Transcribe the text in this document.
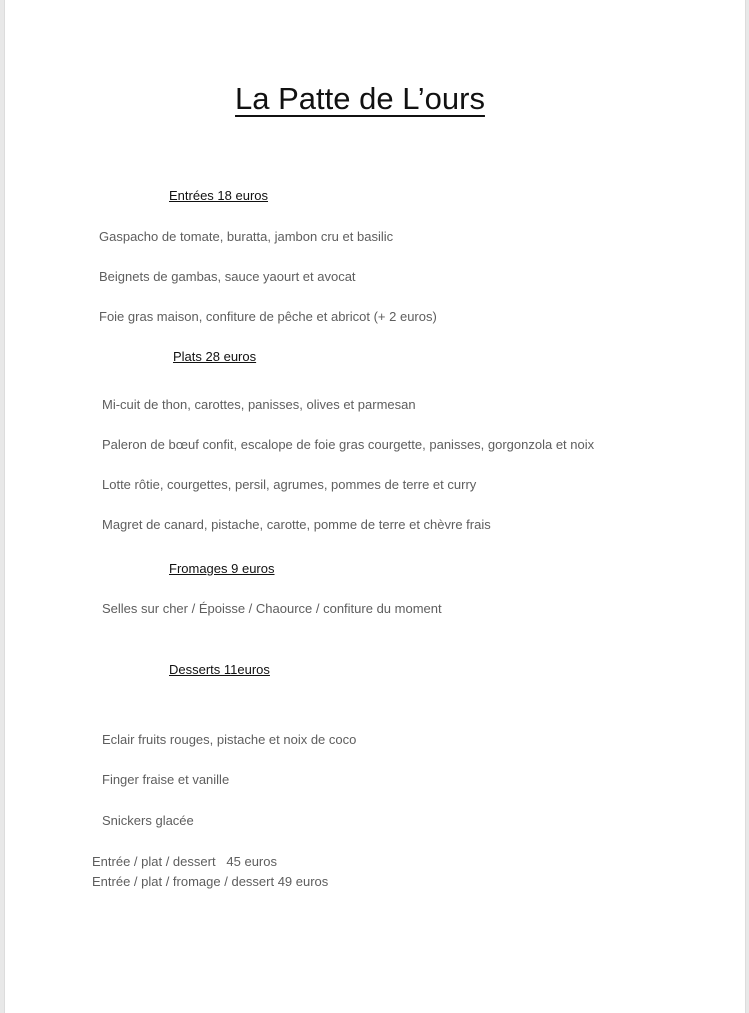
La Patte de L’ours
Entrées 18 euros
Gaspacho de tomate, buratta, jambon cru et basilic
Beignets de gambas, sauce yaourt et avocat
Foie gras maison, confiture de pêche et abricot (+ 2 euros)
Plats 28 euros
Mi-cuit de thon, carottes, panisses, olives et parmesan
Paleron de bœuf confit, escalope de foie gras courgette, panisses, gorgonzola et noix
Lotte rôtie, courgettes, persil, agrumes, pommes de terre et curry
Magret de canard, pistache, carotte, pomme de terre et chèvre frais
Fromages 9 euros
Selles sur cher / Époisse / Chaource / confiture du moment
Desserts 11euros
Eclair fruits rouges, pistache et noix de coco
Finger fraise et vanille
Snickers glacée
Entrée / plat / dessert   45 euros
Entrée / plat / fromage / dessert 49 euros
